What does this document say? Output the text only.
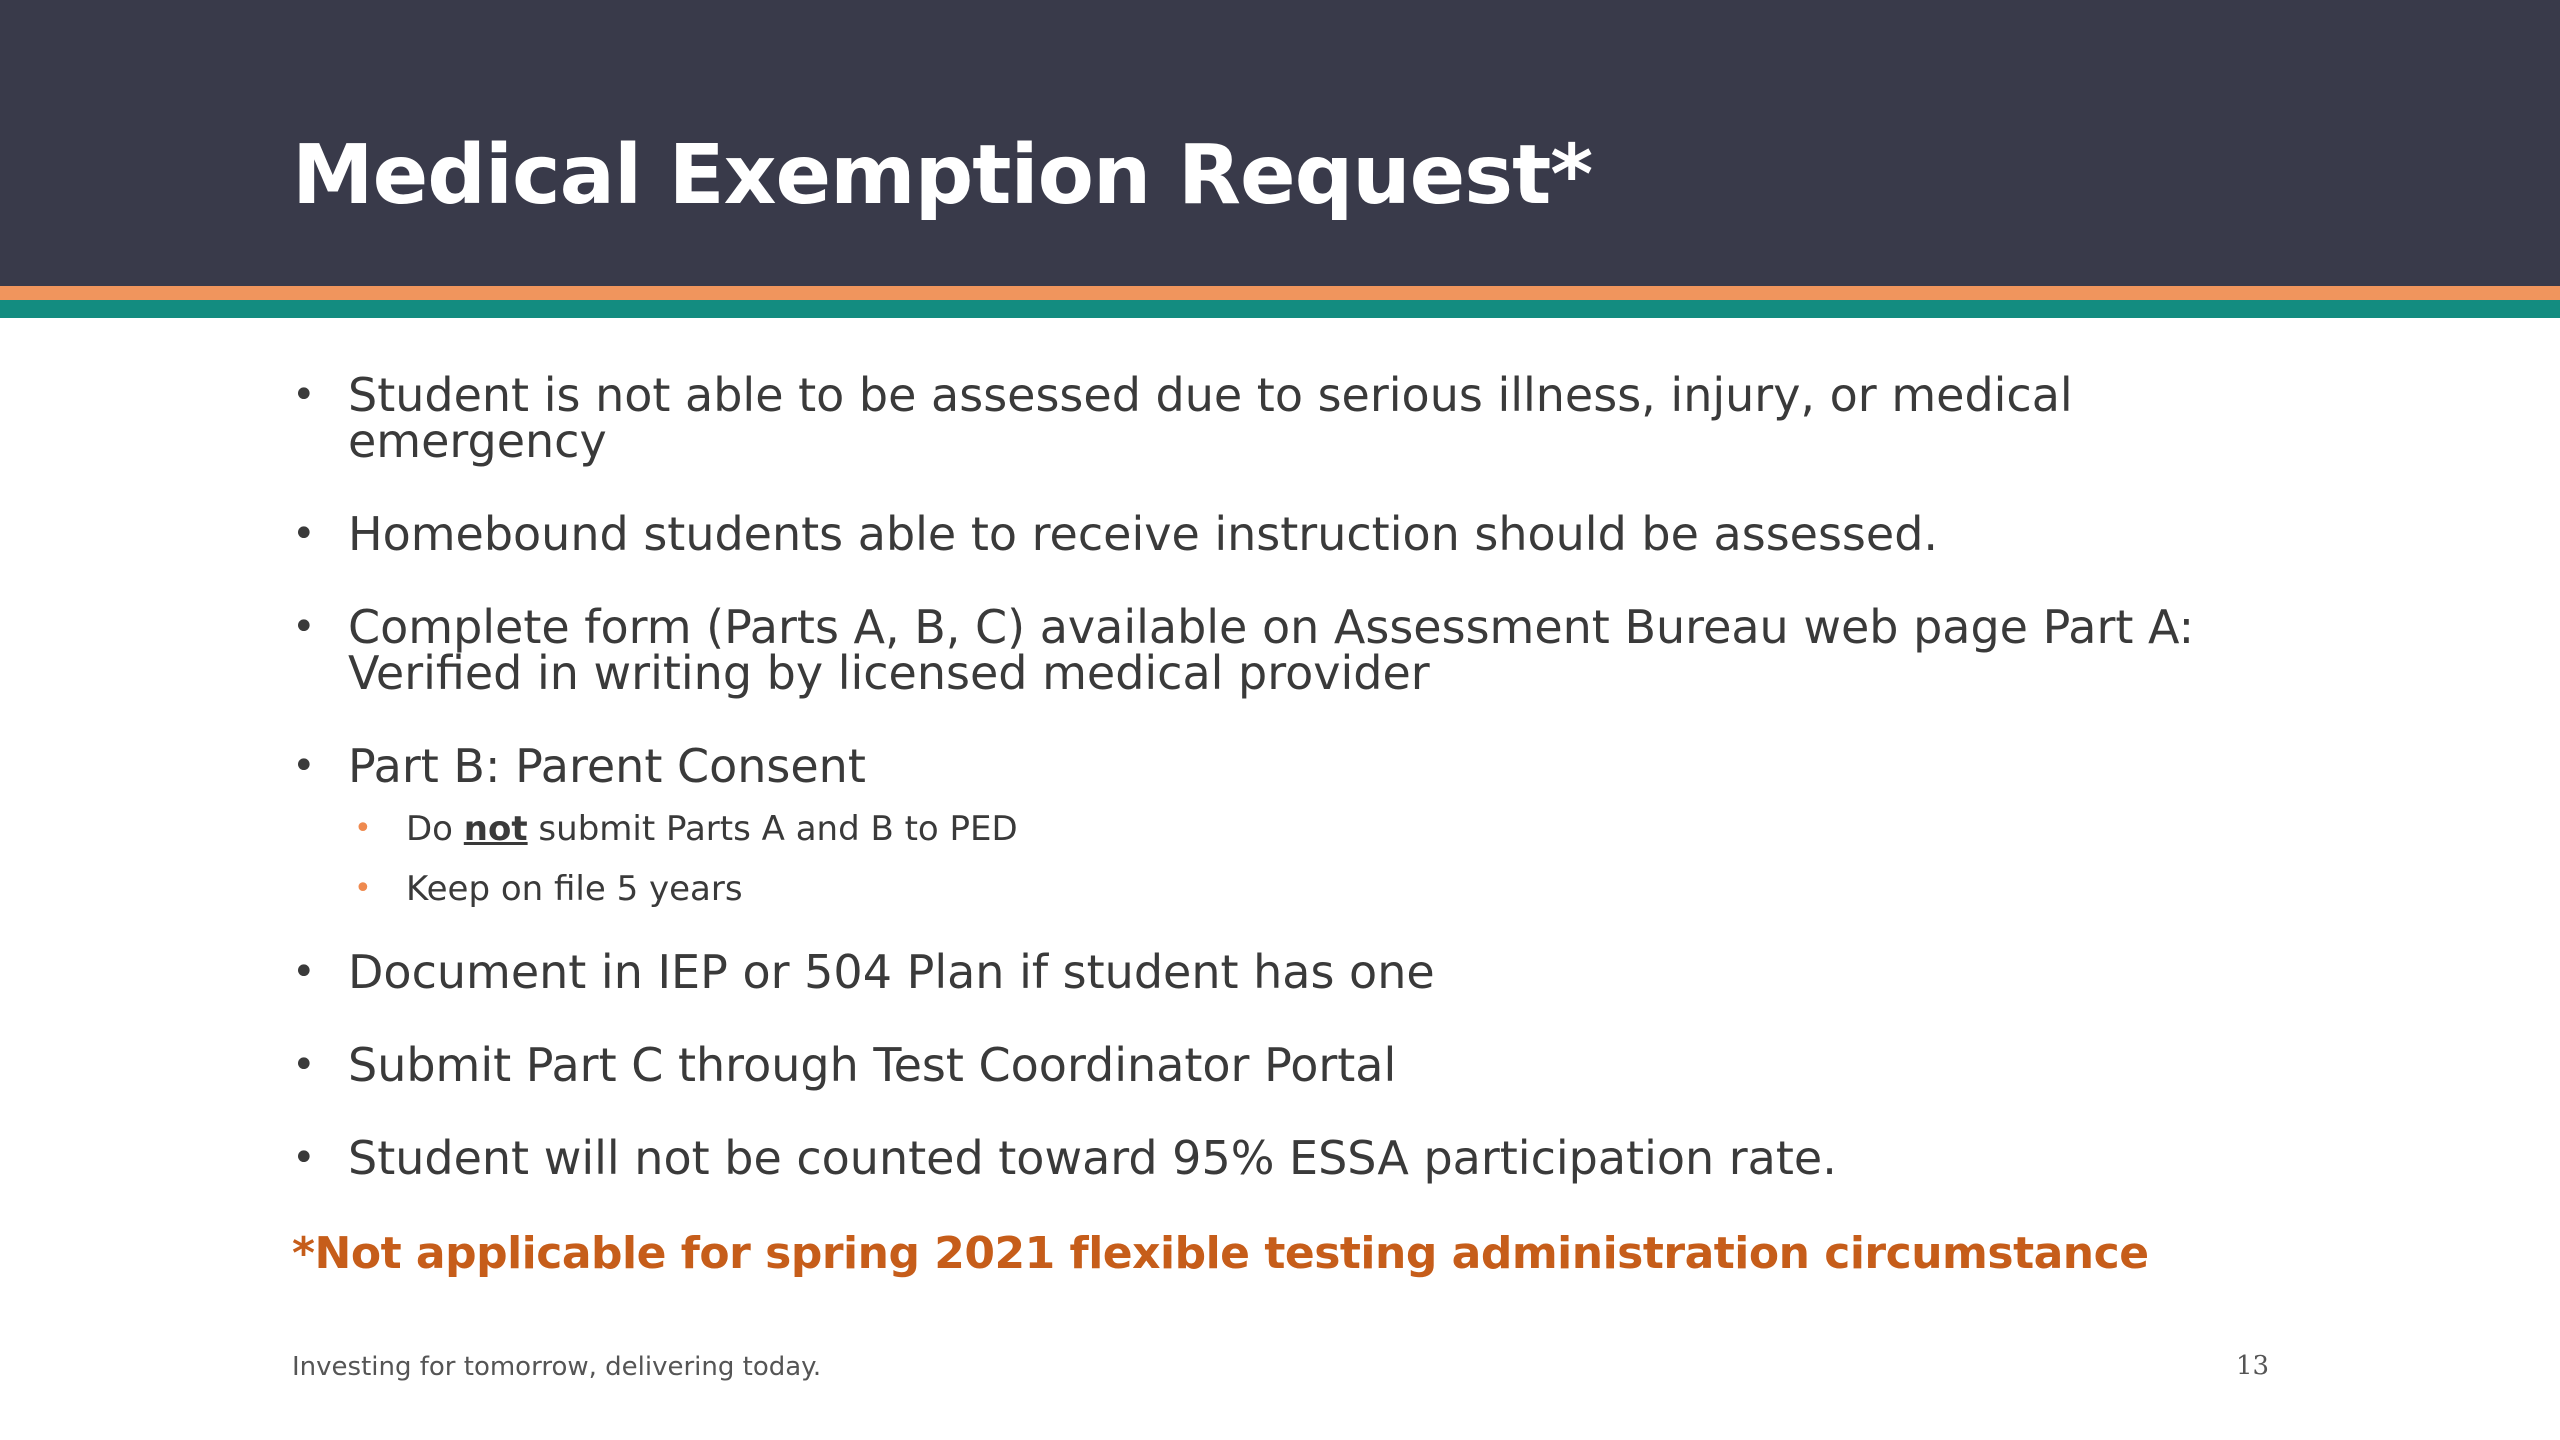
Medical Exemption Request*
• Student is not able to be assessed due to serious illness, injury, or medical emergency
• Homebound students able to receive instruction should be assessed.
• Complete form (Parts A, B, C) available on Assessment Bureau web page Part A: Verified in writing by licensed medical provider
• Part B: Parent Consent
• Do not submit Parts A and B to PED
• Keep on file 5 years
• Document in IEP or 504 Plan if student has one
• Submit Part C through Test Coordinator Portal
• Student will not be counted toward 95% ESSA participation rate.
*Not applicable for spring 2021 flexible testing administration circumstance
Investing for tomorrow, delivering today.	13
